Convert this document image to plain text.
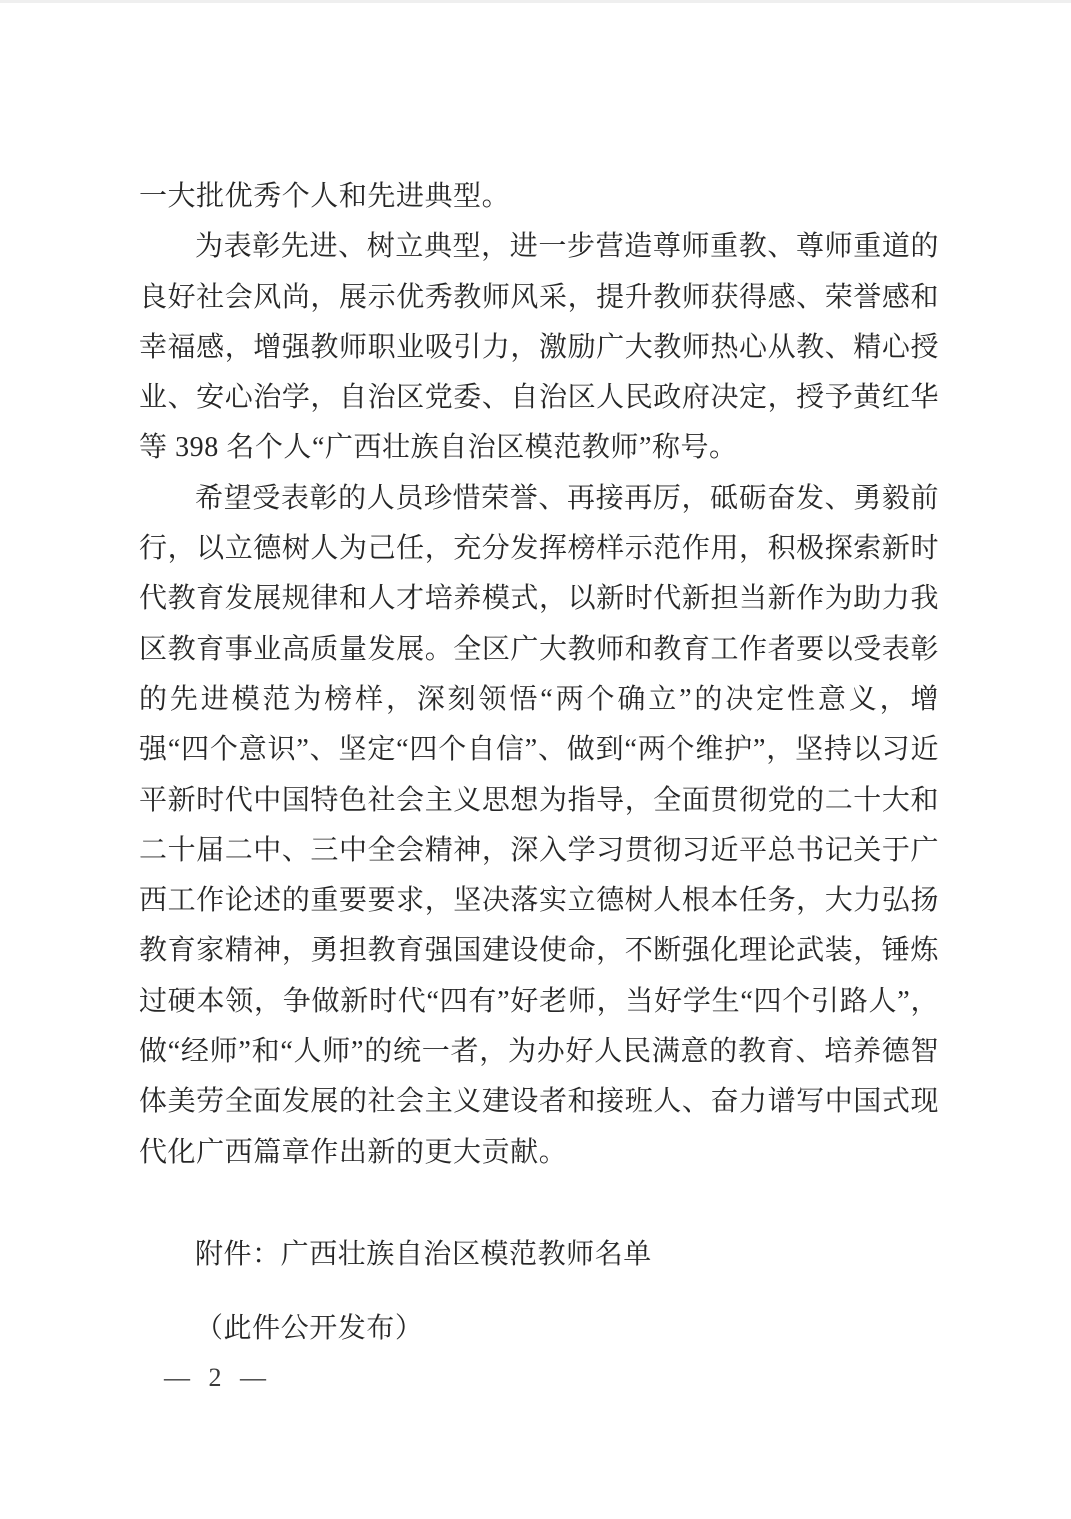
一大批优秀个人和先进典型。

为表彰先进、树立典型，进一步营造尊师重教、尊师重道的良好社会风尚，展示优秀教师风采，提升教师获得感、荣誉感和幸福感，增强教师职业吸引力，激励广大教师热心从教、精心授业、安心治学，自治区党委、自治区人民政府决定，授予黄红华等 398 名个人“广西壮族自治区模范教师”称号。

希望受表彰的人员珍惜荣誉、再接再厉，砥砺奋发、勇毅前行，以立德树人为己任，充分发挥榜样示范作用，积极探索新时代教育发展规律和人才培养模式，以新时代新担当新作为助力我区教育事业高质量发展。全区广大教师和教育工作者要以受表彰的先进模范为榜样，深刻领悟“两个确立”的决定性意义，增强“四个意识”、坚定“四个自信”、做到“两个维护”，坚持以习近平新时代中国特色社会主义思想为指导，全面贯彻党的二十大和二十届二中、三中全会精神，深入学习贯彻习近平总书记关于广西工作论述的重要要求，坚决落实立德树人根本任务，大力弘扬教育家精神，勇担教育强国建设使命，不断强化理论武装，锤炼过硬本领，争做新时代“四有”好老师，当好学生“四个引路人”，做“经师”和“人师”的统一者，为办好人民满意的教育、培养德智体美劳全面发展的社会主义建设者和接班人、奋力谱写中国式现代化广西篇章作出新的更大贡献。

附件：广西壮族自治区模范教师名单

（此件公开发布）

— 2 —
